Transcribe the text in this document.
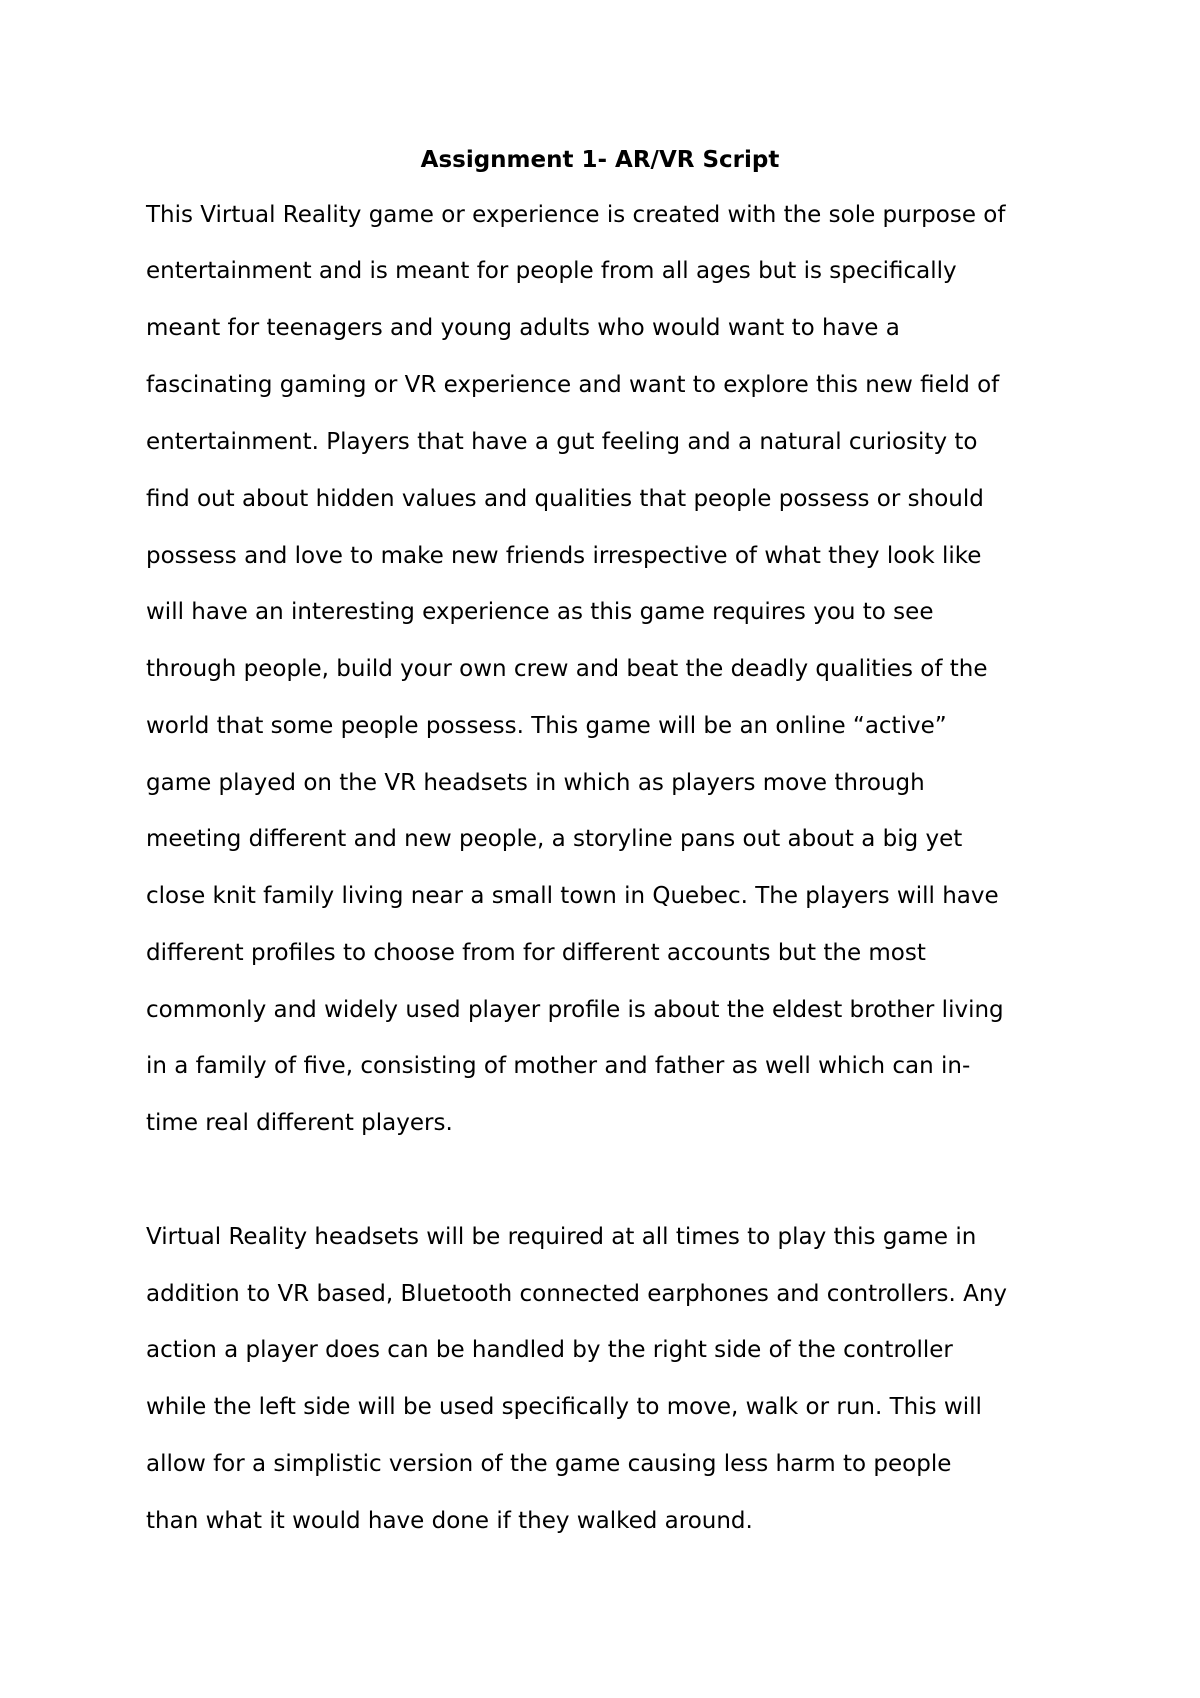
Assignment 1- AR/VR Script

This Virtual Reality game or experience is created with the sole purpose of

entertainment and is meant for people from all ages but is specifically

meant for teenagers and young adults who would want to have a

fascinating gaming or VR experience and want to explore this new field of

entertainment. Players that have a gut feeling and a natural curiosity to

find out about hidden values and qualities that people possess or should

possess and love to make new friends irrespective of what they look like

will have an interesting experience as this game requires you to see

through people, build your own crew and beat the deadly qualities of the

world that some people possess. This game will be an online “active”

game played on the VR headsets in which as players move through

meeting different and new people, a storyline pans out about a big yet

close knit family living near a small town in Quebec. The players will have

different profiles to choose from for different accounts but the most

commonly and widely used player profile is about the eldest brother living

in a family of five, consisting of mother and father as well which can in-

time real different players.

Virtual Reality headsets will be required at all times to play this game in

addition to VR based, Bluetooth connected earphones and controllers. Any

action a player does can be handled by the right side of the controller

while the left side will be used specifically to move, walk or run. This will

allow for a simplistic version of the game causing less harm to people

than what it would have done if they walked around.
